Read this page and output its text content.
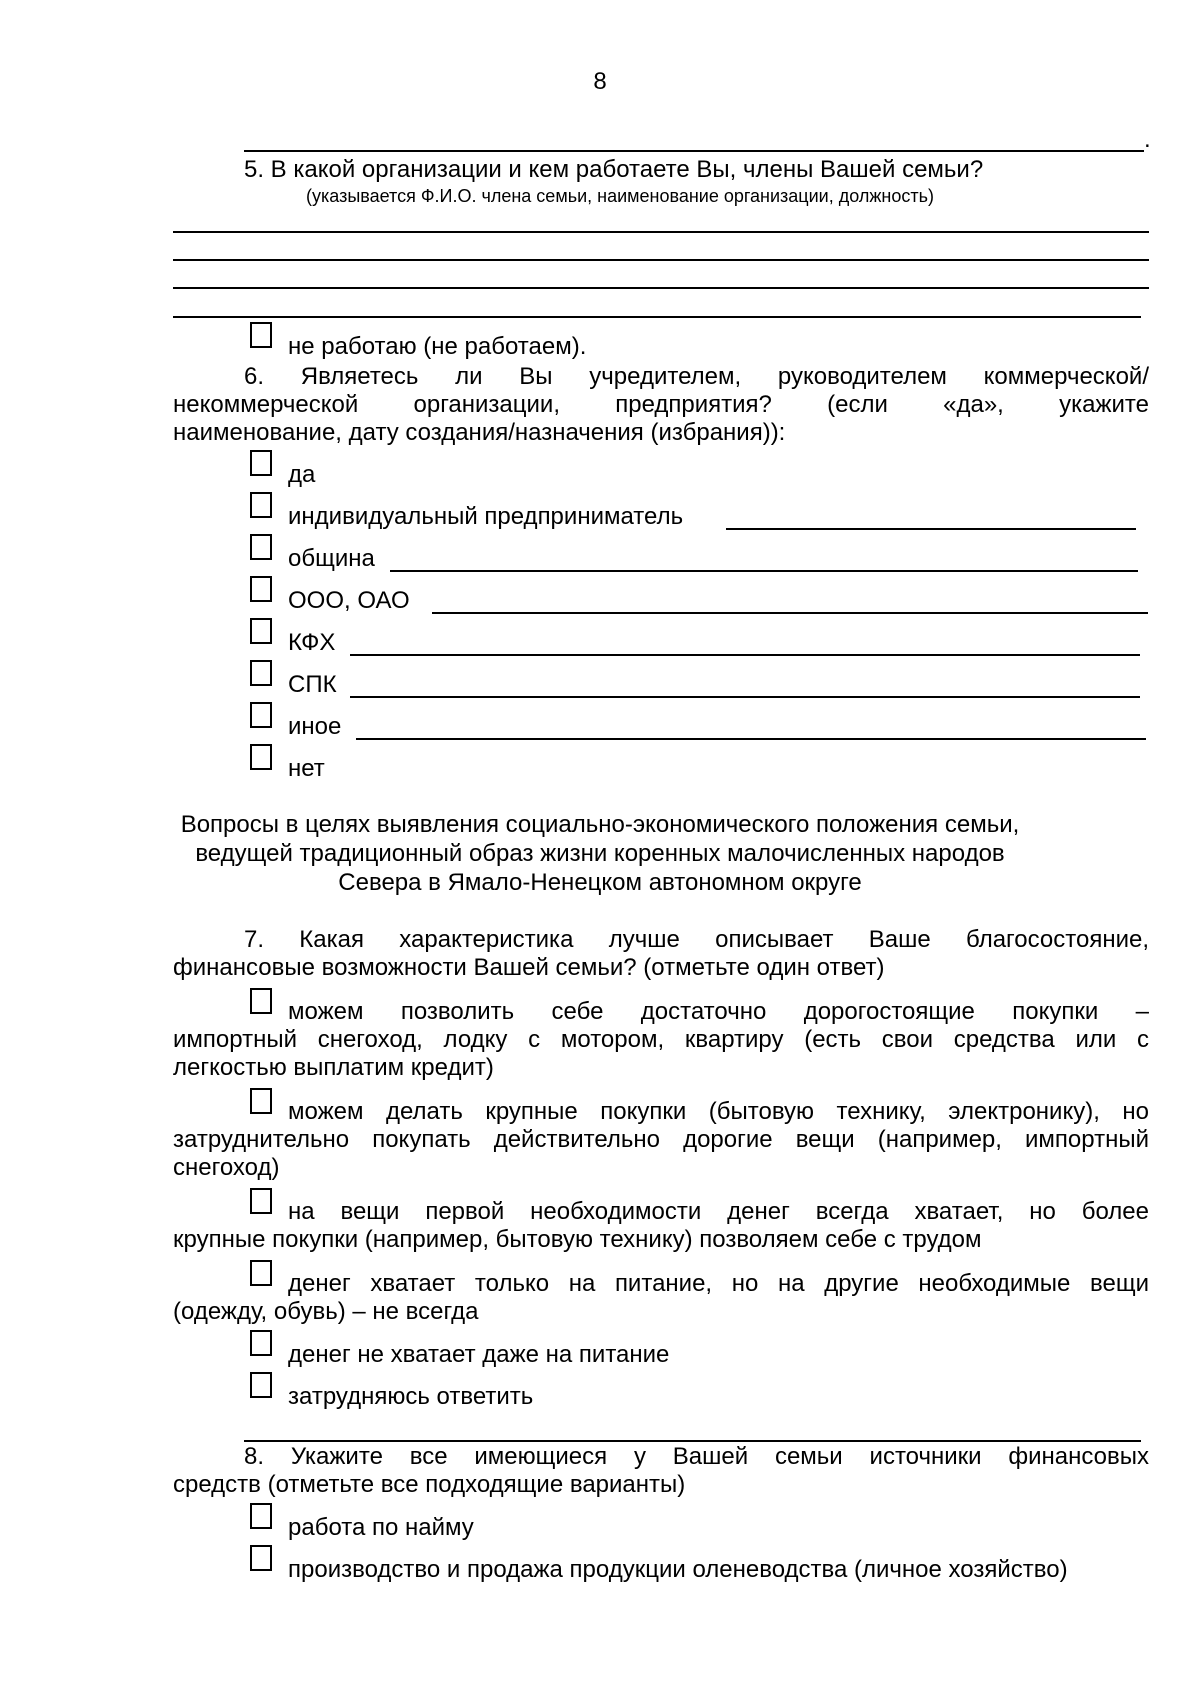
8
.
5. В какой организации и кем работаете Вы, члены Вашей семьи?
(указывается Ф.И.О. члена семьи, наименование организации, должность)
не работаю (не работаем).
6. Являетесь ли Вы учредителем, руководителем коммерческой/
некоммерческой организации, предприятия? (если «да», укажите
наименование, дату создания/назначения (избрания)):
да
индивидуальный предприниматель
община
ООО, ОАО
КФХ
СПК
иное
нет
Вопросы в целях выявления социально-экономического положения семьи,
ведущей традиционный образ жизни коренных малочисленных народов
Севера в Ямало-Ненецком автономном округе
7. Какая характеристика лучше описывает Ваше благосостояние,
финансовые возможности Вашей семьи? (отметьте один ответ)
можем позволить себе достаточно дорогостоящие покупки –
импортный снегоход, лодку с мотором, квартиру (есть свои средства или с
легкостью выплатим кредит)
можем делать крупные покупки (бытовую технику, электронику), но
затруднительно покупать действительно дорогие вещи (например, импортный
снегоход)
на вещи первой необходимости денег всегда хватает, но более
крупные покупки (например, бытовую технику) позволяем себе с трудом
денег хватает только на питание, но на другие необходимые вещи
(одежду, обувь) – не всегда
денег не хватает даже на питание
затрудняюсь ответить
8. Укажите все имеющиеся у Вашей семьи источники финансовых
средств (отметьте все подходящие варианты)
работа по найму
производство и продажа продукции оленеводства (личное хозяйство)
